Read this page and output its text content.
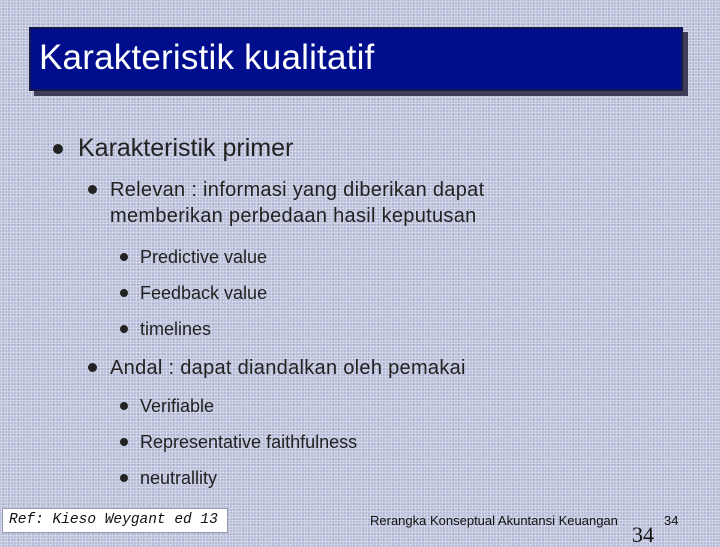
Karakteristik kualitatif
Karakteristik primer
Relevan : informasi yang diberikan dapat memberikan perbedaan hasil keputusan
Predictive value
Feedback value
timelines
Andal : dapat diandalkan oleh pemakai
Verifiable
Representative faithfulness
neutrallity
Ref: Kieso Weygant ed 13	Rerangka Konseptual Akuntansi Keuangan	34
34
